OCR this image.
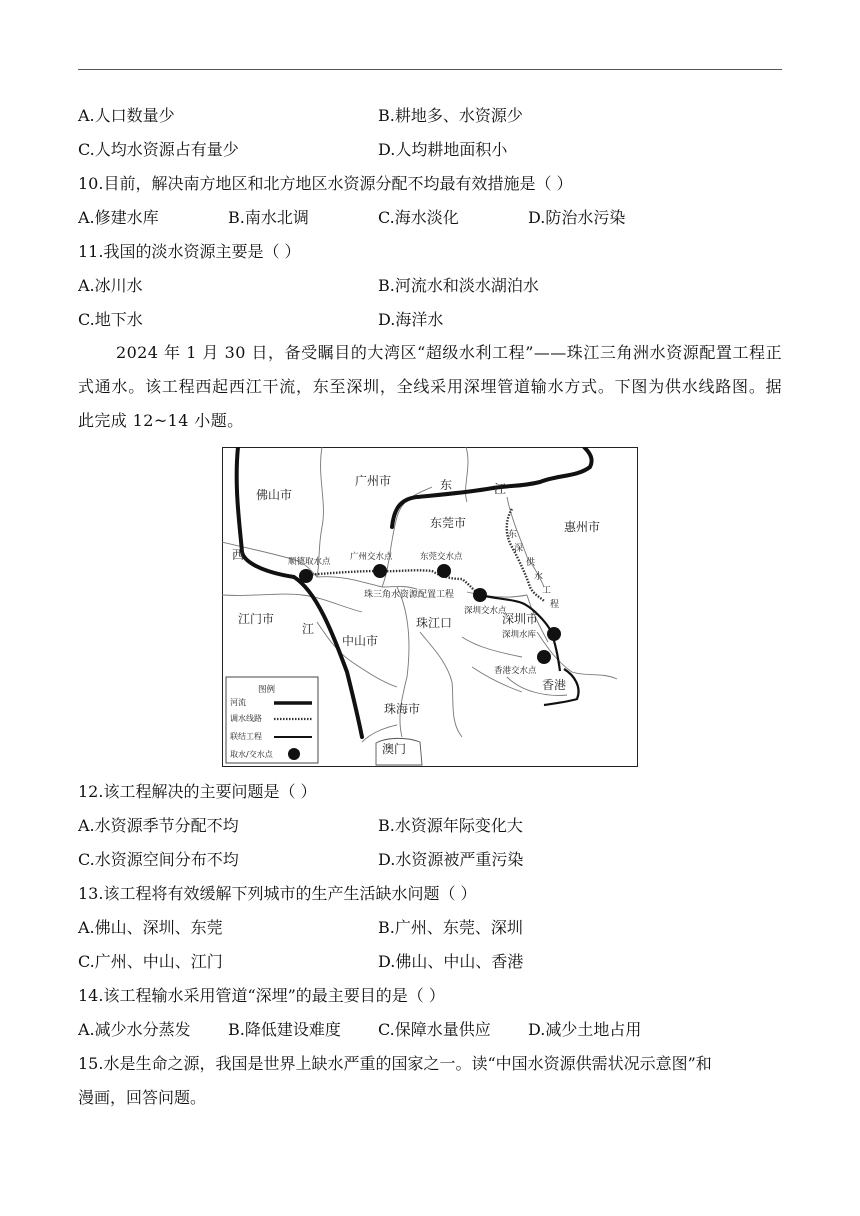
A.人口数量少	B.耕地多、水资源少
C.人均水资源占有量少	D.人均耕地面积小
10.目前，解决南方地区和北方地区水资源分配不均最有效措施是（ ）
A.修建水库	B.南水北调	C.海水淡化	D.防治水污染
11.我国的淡水资源主要是（ ）
A.冰川水	B.河流水和淡水湖泊水
C.地下水	D.海洋水
2024 年 1 月 30 日，备受瞩目的大湾区“超级水利工程”——珠江三角洲水资源配置工程正式通水。该工程西起西江干流，东至深圳，全线采用深埋管道输水方式。下图为供水线路图。据此完成 12~14 小题。
佛山市
广州市	东	江
东莞市	惠州市
西
江
江门市
中山市
珠江口
珠海市
澳门
深圳市
香港
顺德取水点 广州交水点	东莞交水点
珠三角水资源配置工程
深圳交水点
深圳水库
香港交水点
东
深
供
水
工
程
图例
河流
调水线路
联结工程
取水/交水点
12.该工程解决的主要问题是（ ）
A.水资源季节分配不均	B.水资源年际变化大
C.水资源空间分布不均	D.水资源被严重污染
13.该工程将有效缓解下列城市的生产生活缺水问题（ ）
A.佛山、深圳、东莞	B.广州、东莞、深圳
C.广州、中山、江门	D.佛山、中山、香港
14.该工程输水采用管道“深埋”的最主要目的是（ ）
A.减少水分蒸发 B.降低建设难度 C.保障水量供应 D.减少土地占用
15.水是生命之源，我国是世界上缺水严重的国家之一。读“中国水资源供需状况示意图”和
漫画，回答问题。
